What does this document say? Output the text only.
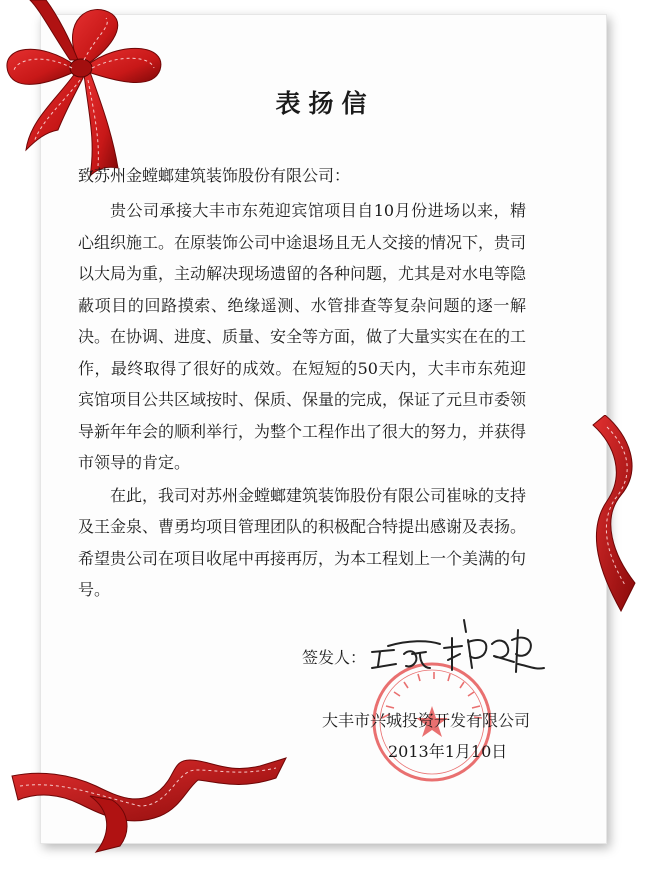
表扬信
致苏州金螳螂建筑装饰股份有限公司：

贵公司承接大丰市东苑迎宾馆项目自10月份进场以来，精心组织施工。在原装饰公司中途退场且无人交接的情况下，贵司以大局为重，主动解决现场遗留的各种问题，尤其是对水电等隐蔽项目的回路摸索、绝缘遥测、水管排查等复杂问题的逐一解决。在协调、进度、质量、安全等方面，做了大量实实在在的工作，最终取得了很好的成效。在短短的50天内，大丰市东苑迎宾馆项目公共区域按时、保质、保量的完成，保证了元旦市委领导新年年会的顺利举行，为整个工程作出了很大的努力，并获得市领导的肯定。

在此，我司对苏州金螳螂建筑装饰股份有限公司崔咏的支持及王金泉、曹勇均项目管理团队的积极配合特提出感谢及表扬。希望贵公司在项目收尾中再接再厉，为本工程划上一个美满的句号。

签发人：
大丰市兴城投资开发有限公司
2013年1月10日
